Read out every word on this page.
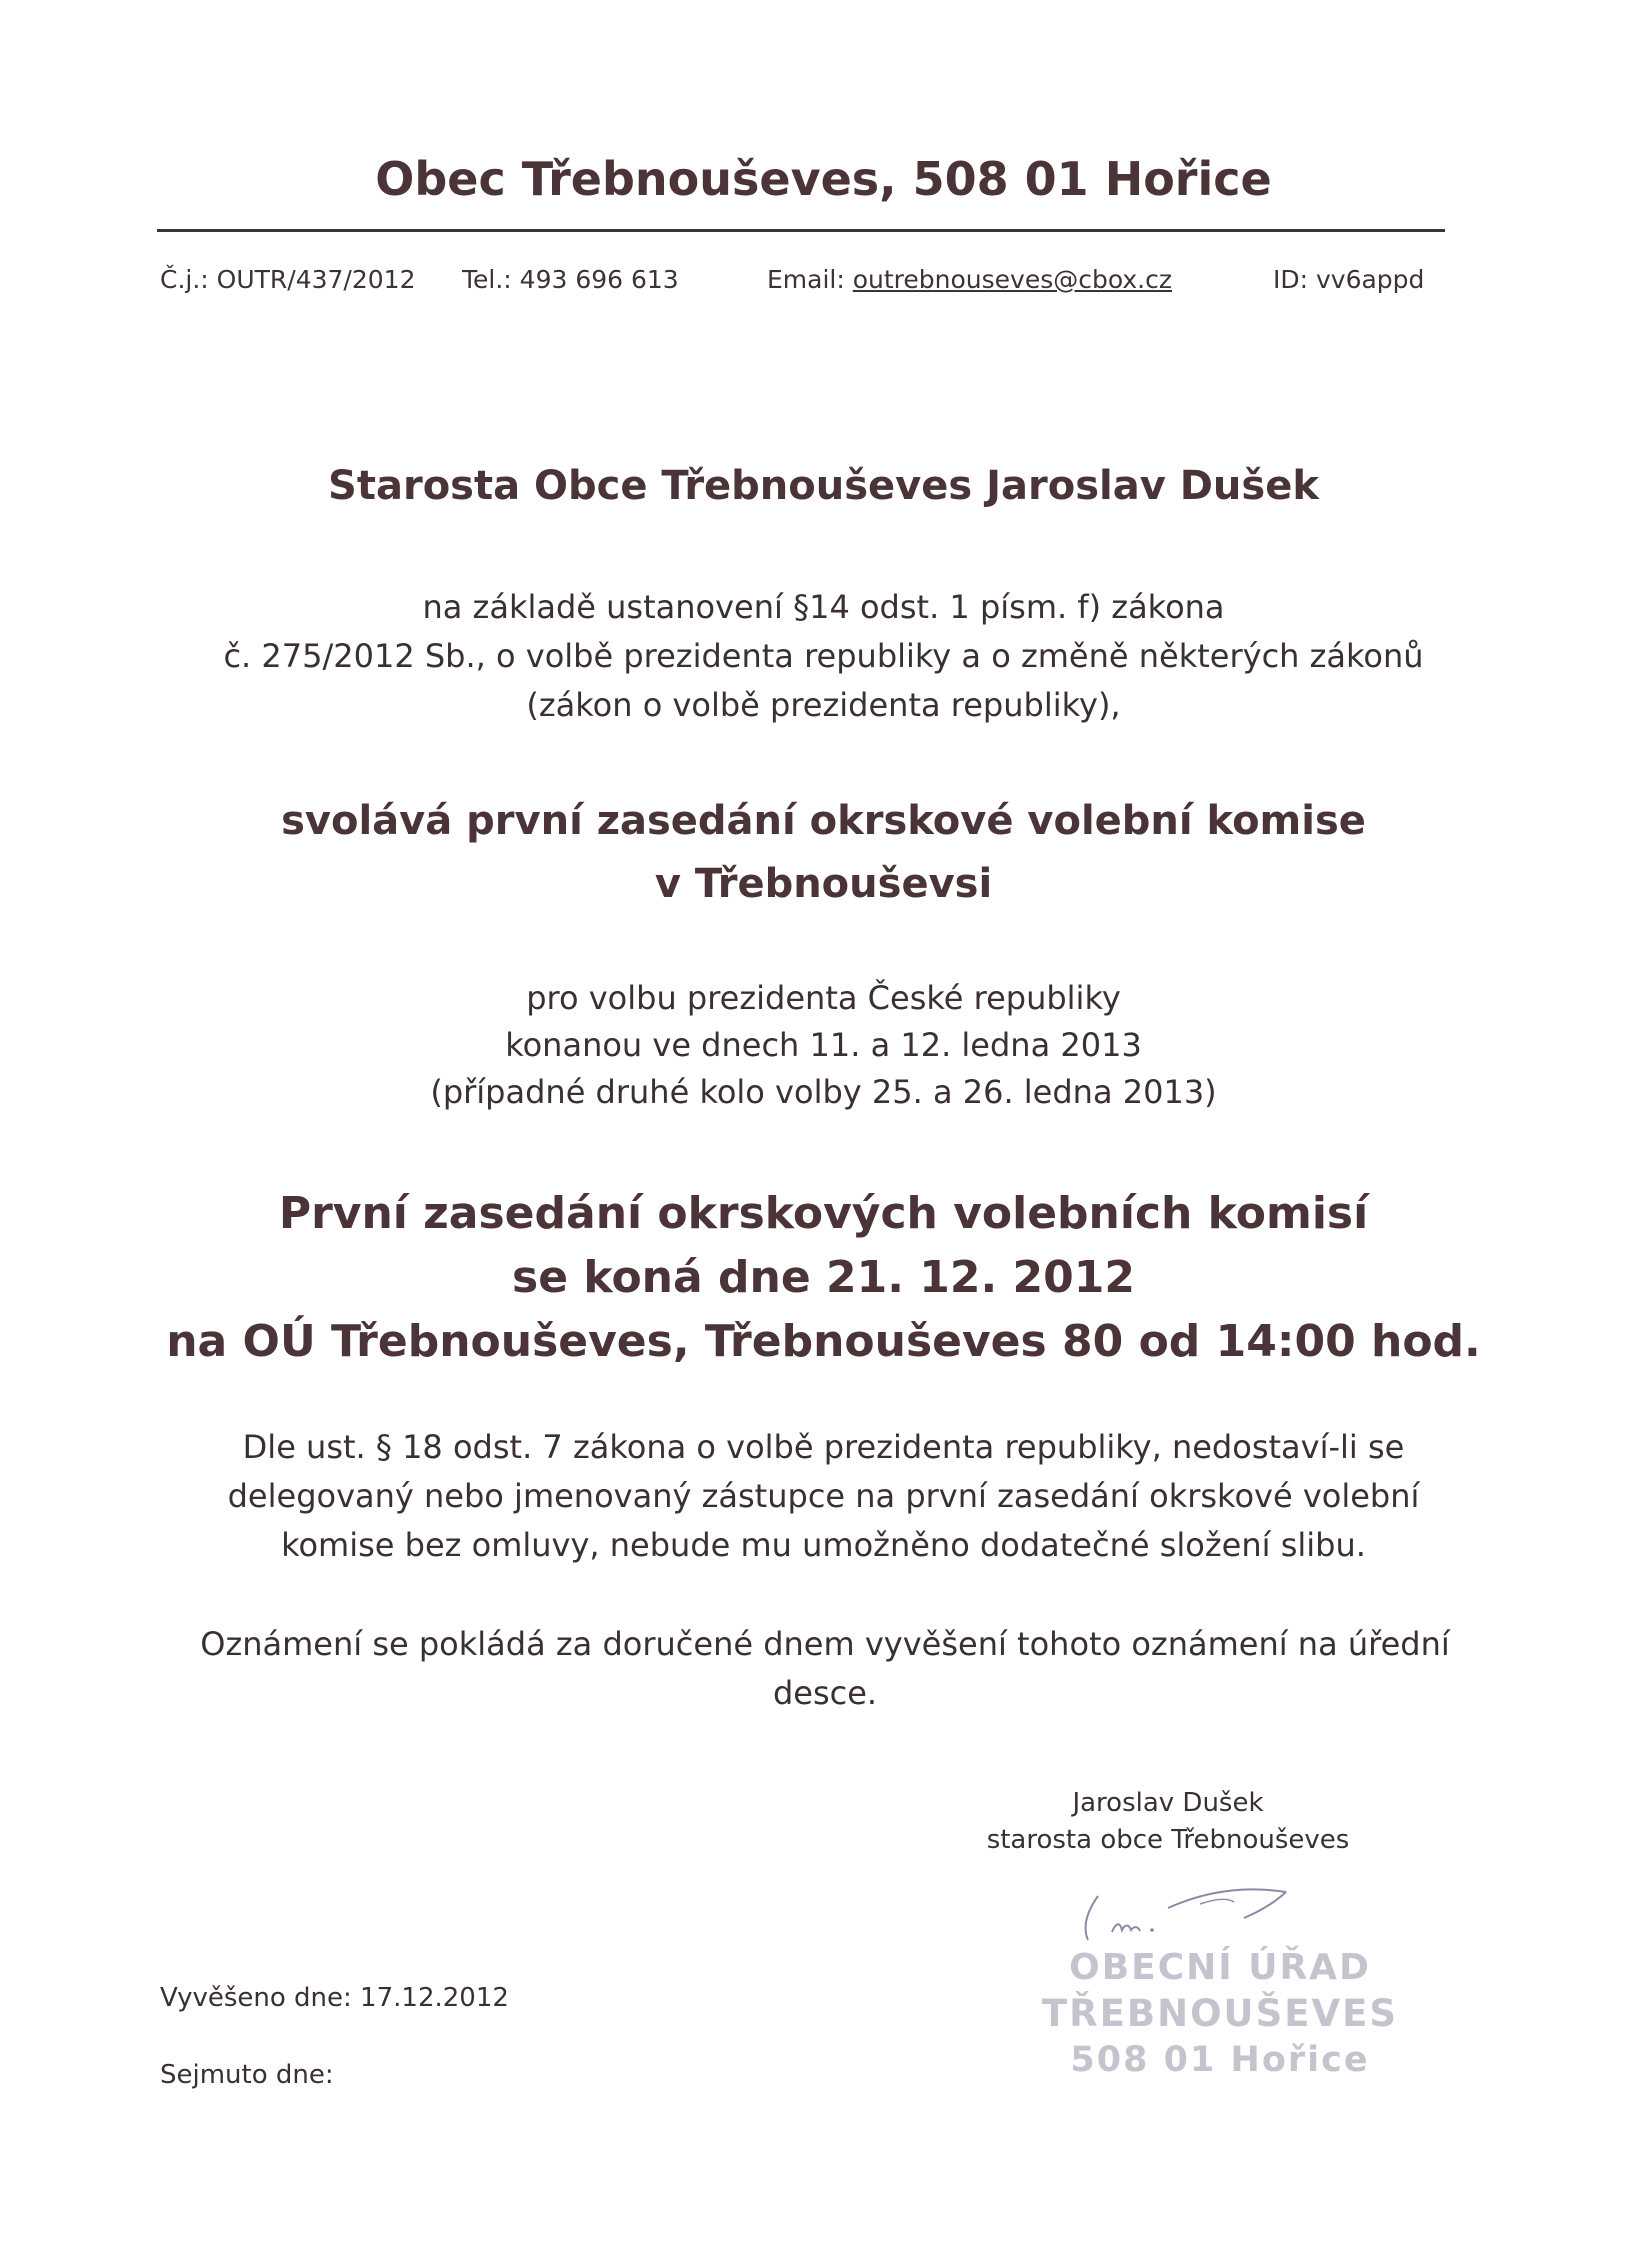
Obec Třebnouševes, 508 01 Hořice
Č.j.: OUTR/437/2012 Tel.: 493 696 613	Email: outrebnouseves@cbox.cz	ID: vv6appd
Starosta Obce Třebnouševes Jaroslav Dušek
na základě ustanovení §14 odst. 1 písm. f) zákona
č. 275/2012 Sb., o volbě prezidenta republiky a o změně některých zákonů
(zákon o volbě prezidenta republiky),
svolává první zasedání okrskové volební komise
v Třebnouševsi
pro volbu prezidenta České republiky
konanou ve dnech 11. a 12. ledna 2013
(případné druhé kolo volby 25. a 26. ledna 2013)
První zasedání okrskových volebních komisí
se koná dne 21. 12. 2012
na OÚ Třebnouševes, Třebnouševes 80 od 14:00 hod.
Dle ust. § 18 odst. 7 zákona o volbě prezidenta republiky, nedostaví-li se
delegovaný nebo jmenovaný zástupce na první zasedání okrskové volební
komise bez omluvy, nebude mu umožněno dodatečné složení slibu.
Oznámení se pokládá za doručené dnem vyvěšení tohoto oznámení na úřední desce.
Jaroslav Dušek
starosta obce Třebnouševes
OBECNÍ ÚŘAD
TŘEBNOUŠEVES
508 01 Hořice
Vyvěšeno dne: 17.12.2012
Sejmuto dne:
